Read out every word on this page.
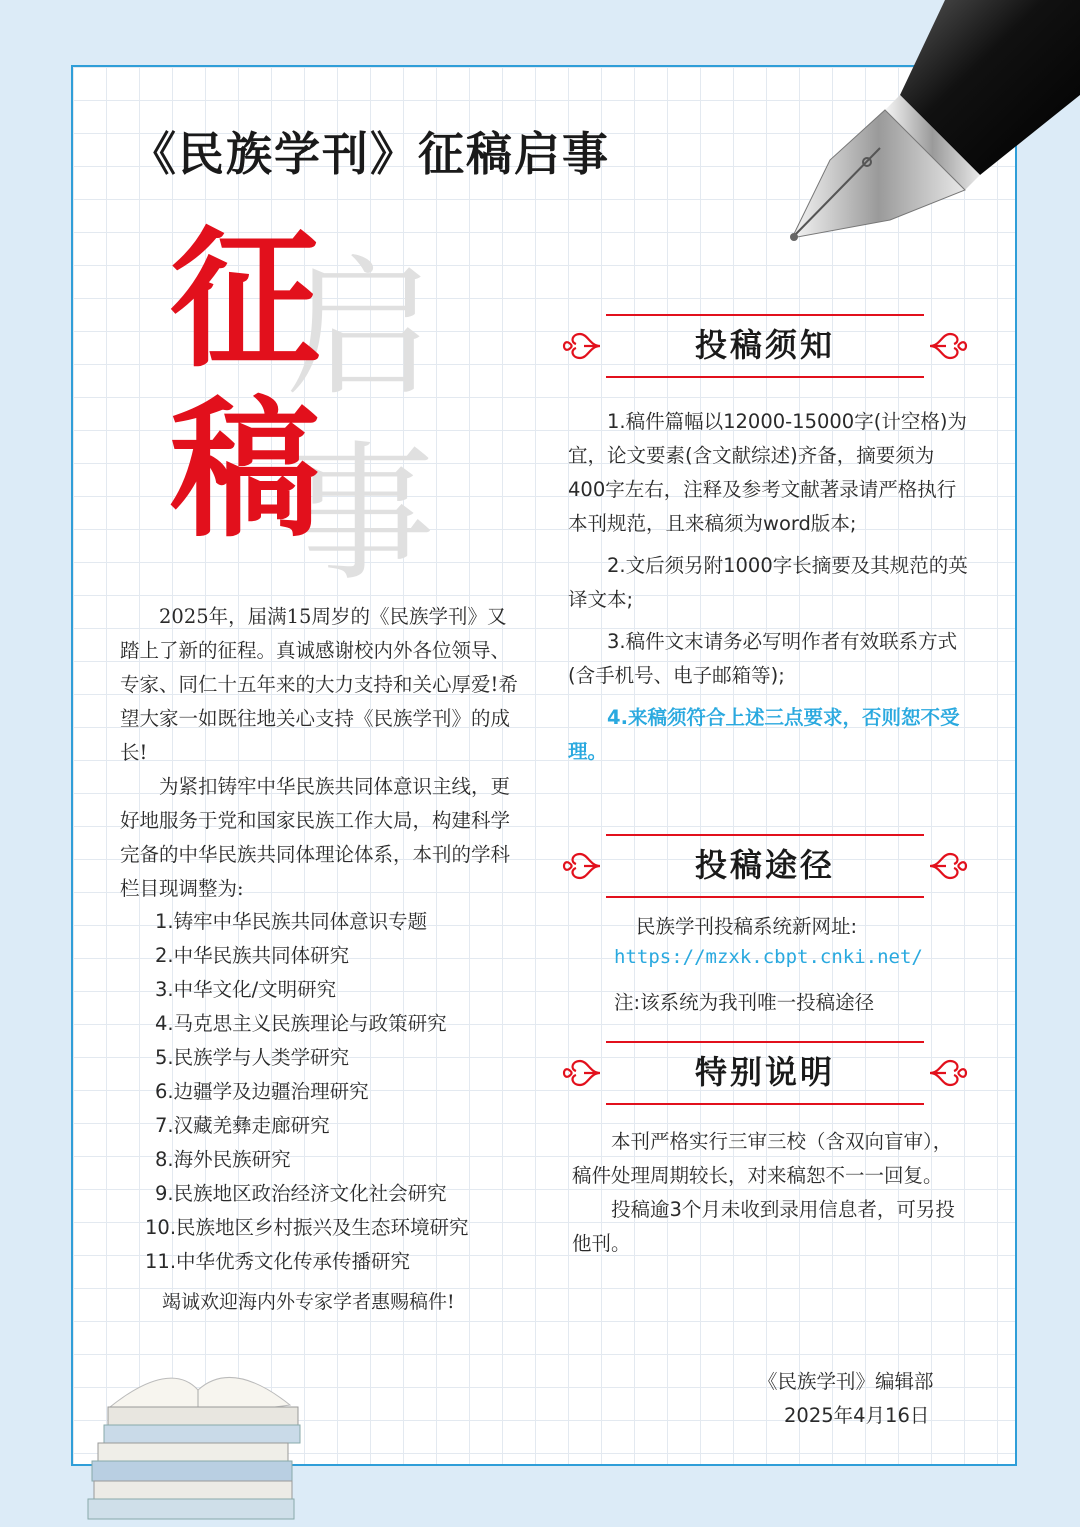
《民族学刊》征稿启事
启
事
征
稿

2025年，届满15周岁的《民族学刊》又踏上了新的征程。真诚感谢校内外各位领导、专家、同仁十五年来的大力支持和关心厚爱!希望大家一如既往地关心支持《民族学刊》的成长!

为紧扣铸牢中华民族共同体意识主线，更好地服务于党和国家民族工作大局，构建科学完备的中华民族共同体理论体系，本刊的学科栏目现调整为:

1.铸牢中华民族共同体意识专题
2.中华民族共同体研究
3.中华文化/文明研究
4.马克思主义民族理论与政策研究
5.民族学与人类学研究
6.边疆学及边疆治理研究
7.汉藏羌彝走廊研究
8.海外民族研究
9.民族地区政治经济文化社会研究
10.民族地区乡村振兴及生态环境研究
11.中华优秀文化传承传播研究
竭诚欢迎海内外专家学者惠赐稿件!
投稿须知

1.稿件篇幅以12000-15000字(计空格)为宜，论文要素(含文献综述)齐备，摘要须为400字左右，注释及参考文献著录请严格执行本刊规范，且来稿须为word版本;

2.文后须另附1000字长摘要及其规范的英译文本;

3.稿件文末请务必写明作者有效联系方式(含手机号、电子邮箱等);

4.来稿须符合上述三点要求，否则恕不受理。

投稿途径
民族学刊投稿系统新网址:
https://mzxk.cbpt.cnki.net/
注:该系统为我刊唯一投稿途径
特别说明

本刊严格实行三审三校（含双向盲审），稿件处理周期较长，对来稿恕不一一回复。

投稿逾3个月未收到录用信息者，可另投他刊。

《民族学刊》编辑部
2025年4月16日
